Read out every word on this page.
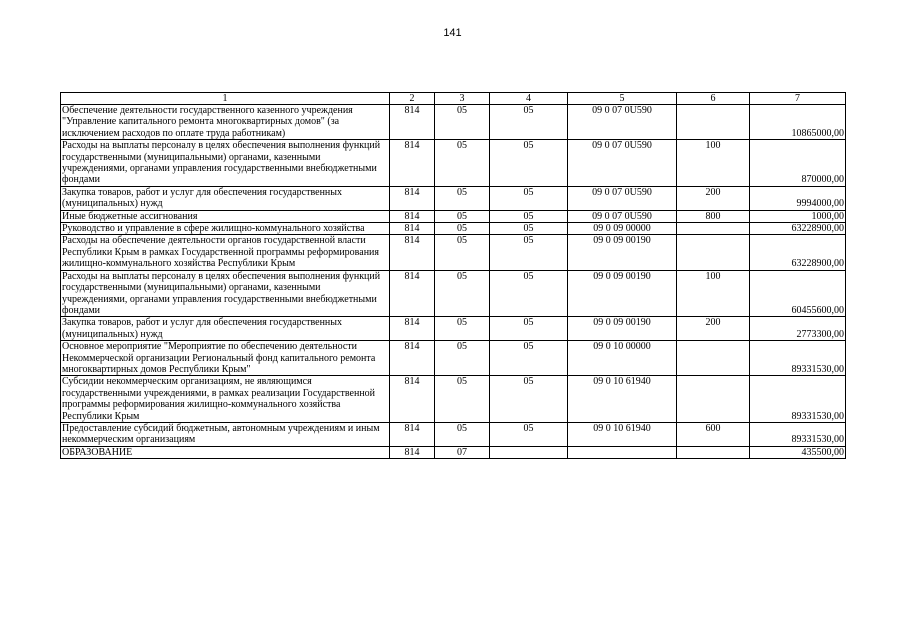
141
1	2	3	4	5	6	7
Обеспечение деятельности государственного казенного учреждения "Управление капитального ремонта многоквартирных домов" (за исключением расходов по оплате труда работникам)	814	05	05	09 0 07 0U590		10865000,00
Расходы на выплаты персоналу в целях обеспечения выполнения функций государственными (муниципальными) органами, казенными учреждениями, органами управления государственными внебюджетными фондами	814	05	05	09 0 07 0U590	100	870000,00
Закупка товаров, работ и услуг для обеспечения государственных (муниципальных) нужд	814	05	05	09 0 07 0U590	200	9994000,00
Иные бюджетные ассигнования	814	05	05	09 0 07 0U590	800	1000,00
Руководство и управление в сфере жилищно-коммунального хозяйства	814	05	05	09 0 09 00000		63228900,00
Расходы на обеспечение деятельности органов государственной власти Республики Крым в рамках Государственной программы реформирования жилищно-коммунального хозяйства Республики Крым	814	05	05	09 0 09 00190		63228900,00
Расходы на выплаты персоналу в целях обеспечения выполнения функций государственными (муниципальными) органами, казенными учреждениями, органами управления государственными внебюджетными фондами	814	05	05	09 0 09 00190	100	60455600,00
Закупка товаров, работ и услуг для обеспечения государственных (муниципальных) нужд	814	05	05	09 0 09 00190	200	2773300,00
Основное мероприятие "Мероприятие по обеспечению деятельности Некоммерческой организации Региональный фонд капитального ремонта многоквартирных домов Республики Крым"	814	05	05	09 0 10 00000		89331530,00
Субсидии некоммерческим организациям, не являющимся государственными учреждениями, в рамках реализации Государственной программы реформирования жилищно-коммунального хозяйства Республики Крым	814	05	05	09 0 10 61940		89331530,00
Предоставление субсидий бюджетным, автономным учреждениям и иным некоммерческим организациям	814	05	05	09 0 10 61940	600	89331530,00
ОБРАЗОВАНИЕ	814	07				435500,00
